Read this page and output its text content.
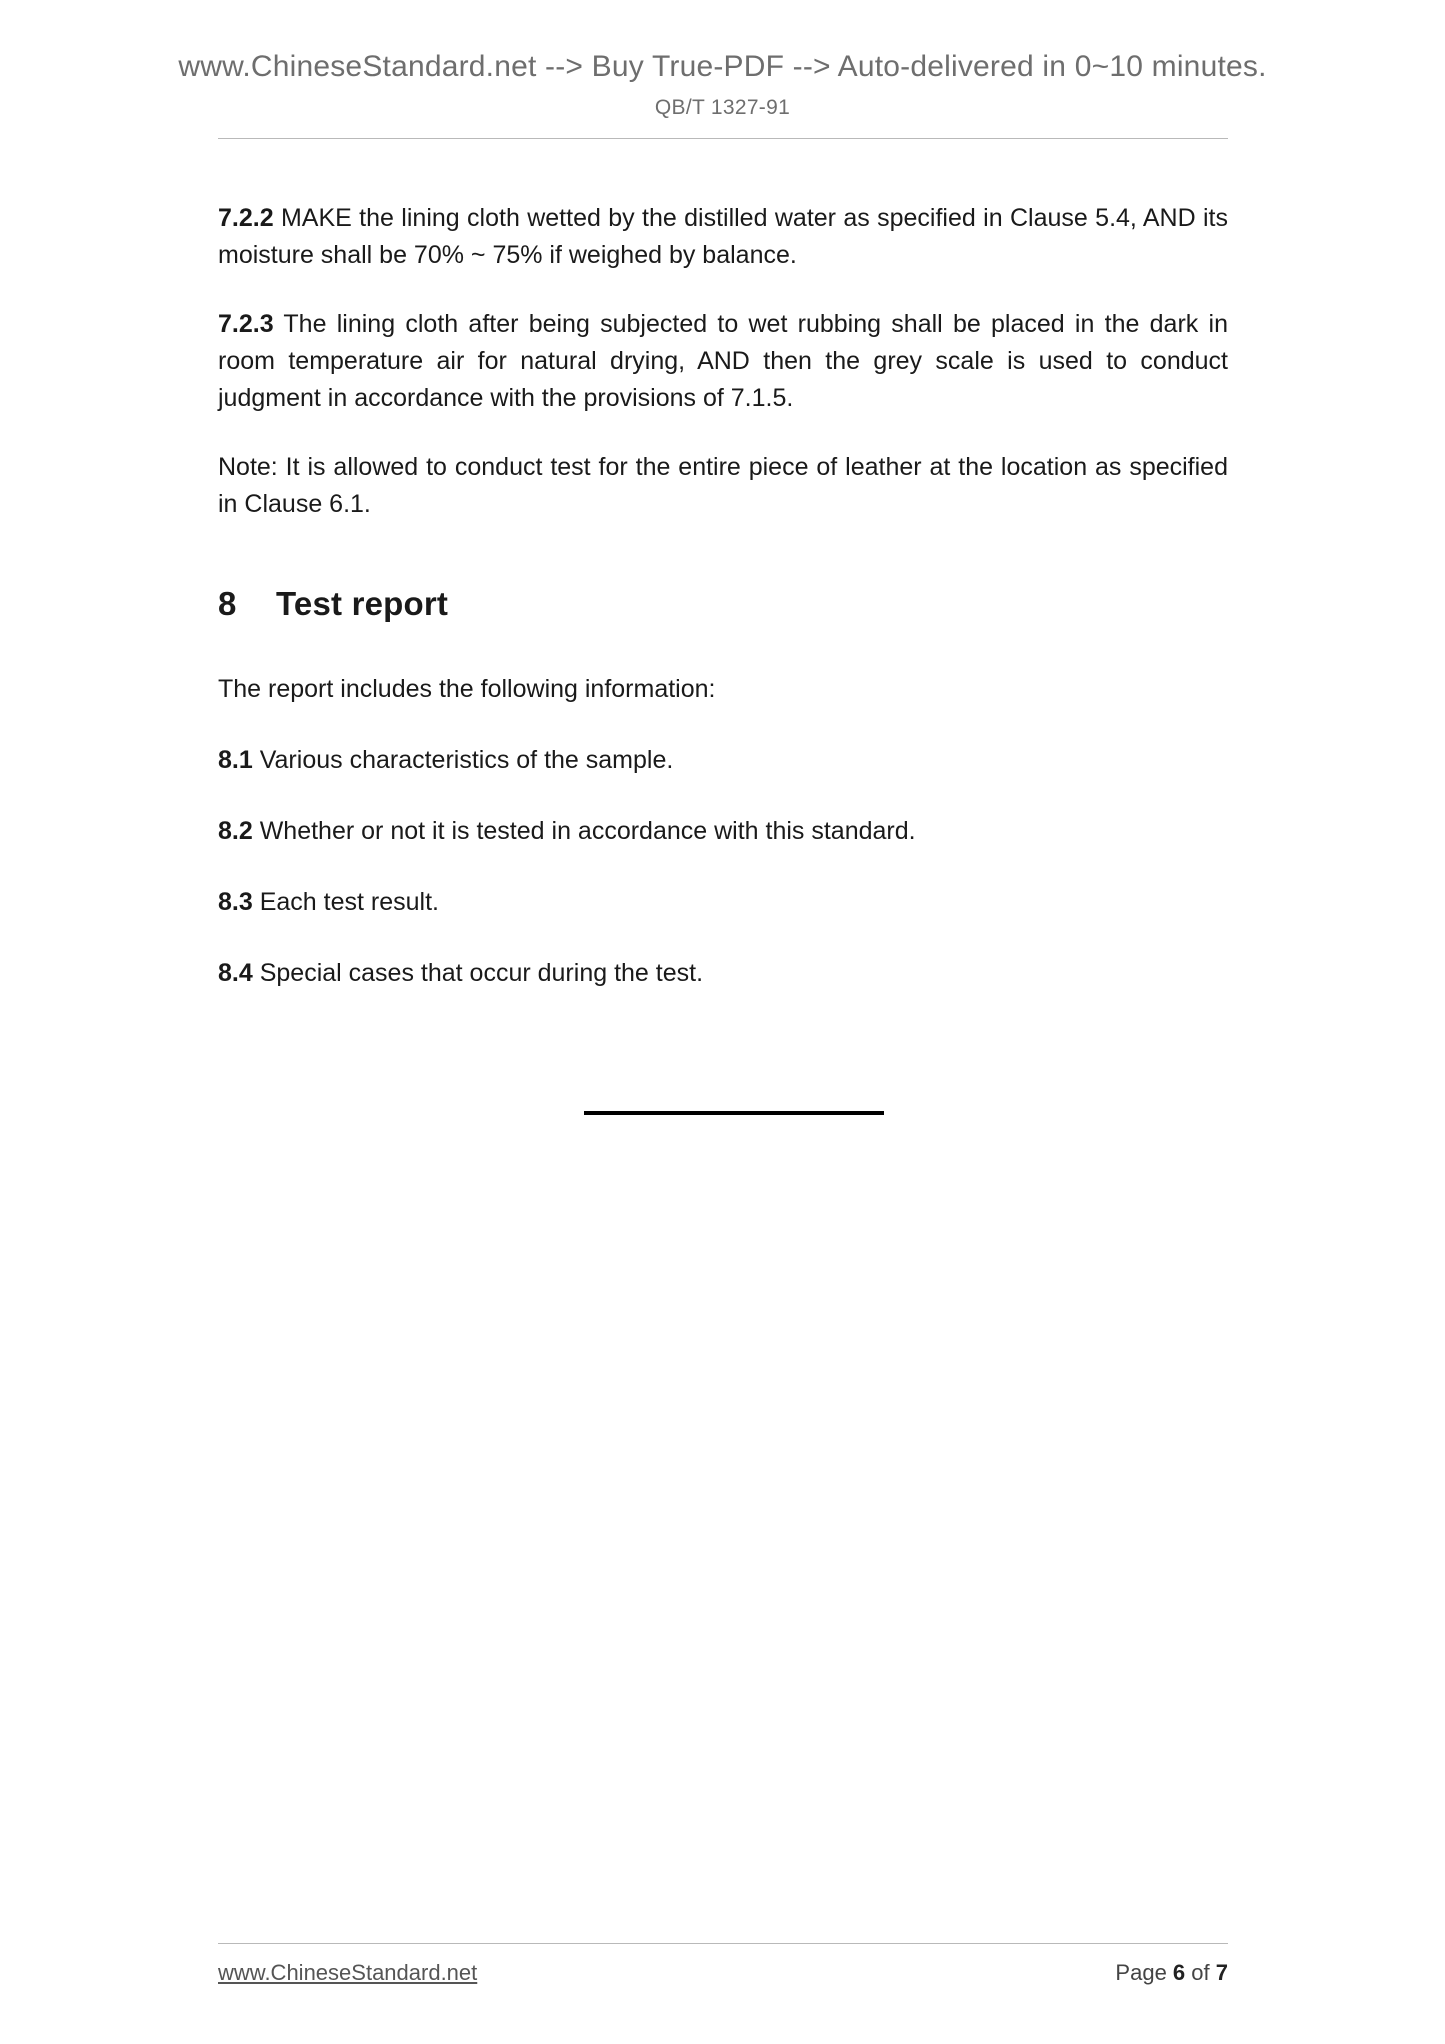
www.ChineseStandard.net --> Buy True-PDF --> Auto-delivered in 0~10 minutes.
QB/T 1327-91

7.2.2 MAKE the lining cloth wetted by the distilled water as specified in Clause 5.4, AND its moisture shall be 70% ~ 75% if weighed by balance.

7.2.3 The lining cloth after being subjected to wet rubbing shall be placed in the dark in room temperature air for natural drying, AND then the grey scale is used to conduct judgment in accordance with the provisions of 7.1.5.

Note: It is allowed to conduct test for the entire piece of leather at the location as specified in Clause 6.1.

8 Test report

The report includes the following information:

8.1 Various characteristics of the sample.

8.2 Whether or not it is tested in accordance with this standard.

8.3 Each test result.

8.4 Special cases that occur during the test.

www.ChineseStandard.net	Page 6 of 7
